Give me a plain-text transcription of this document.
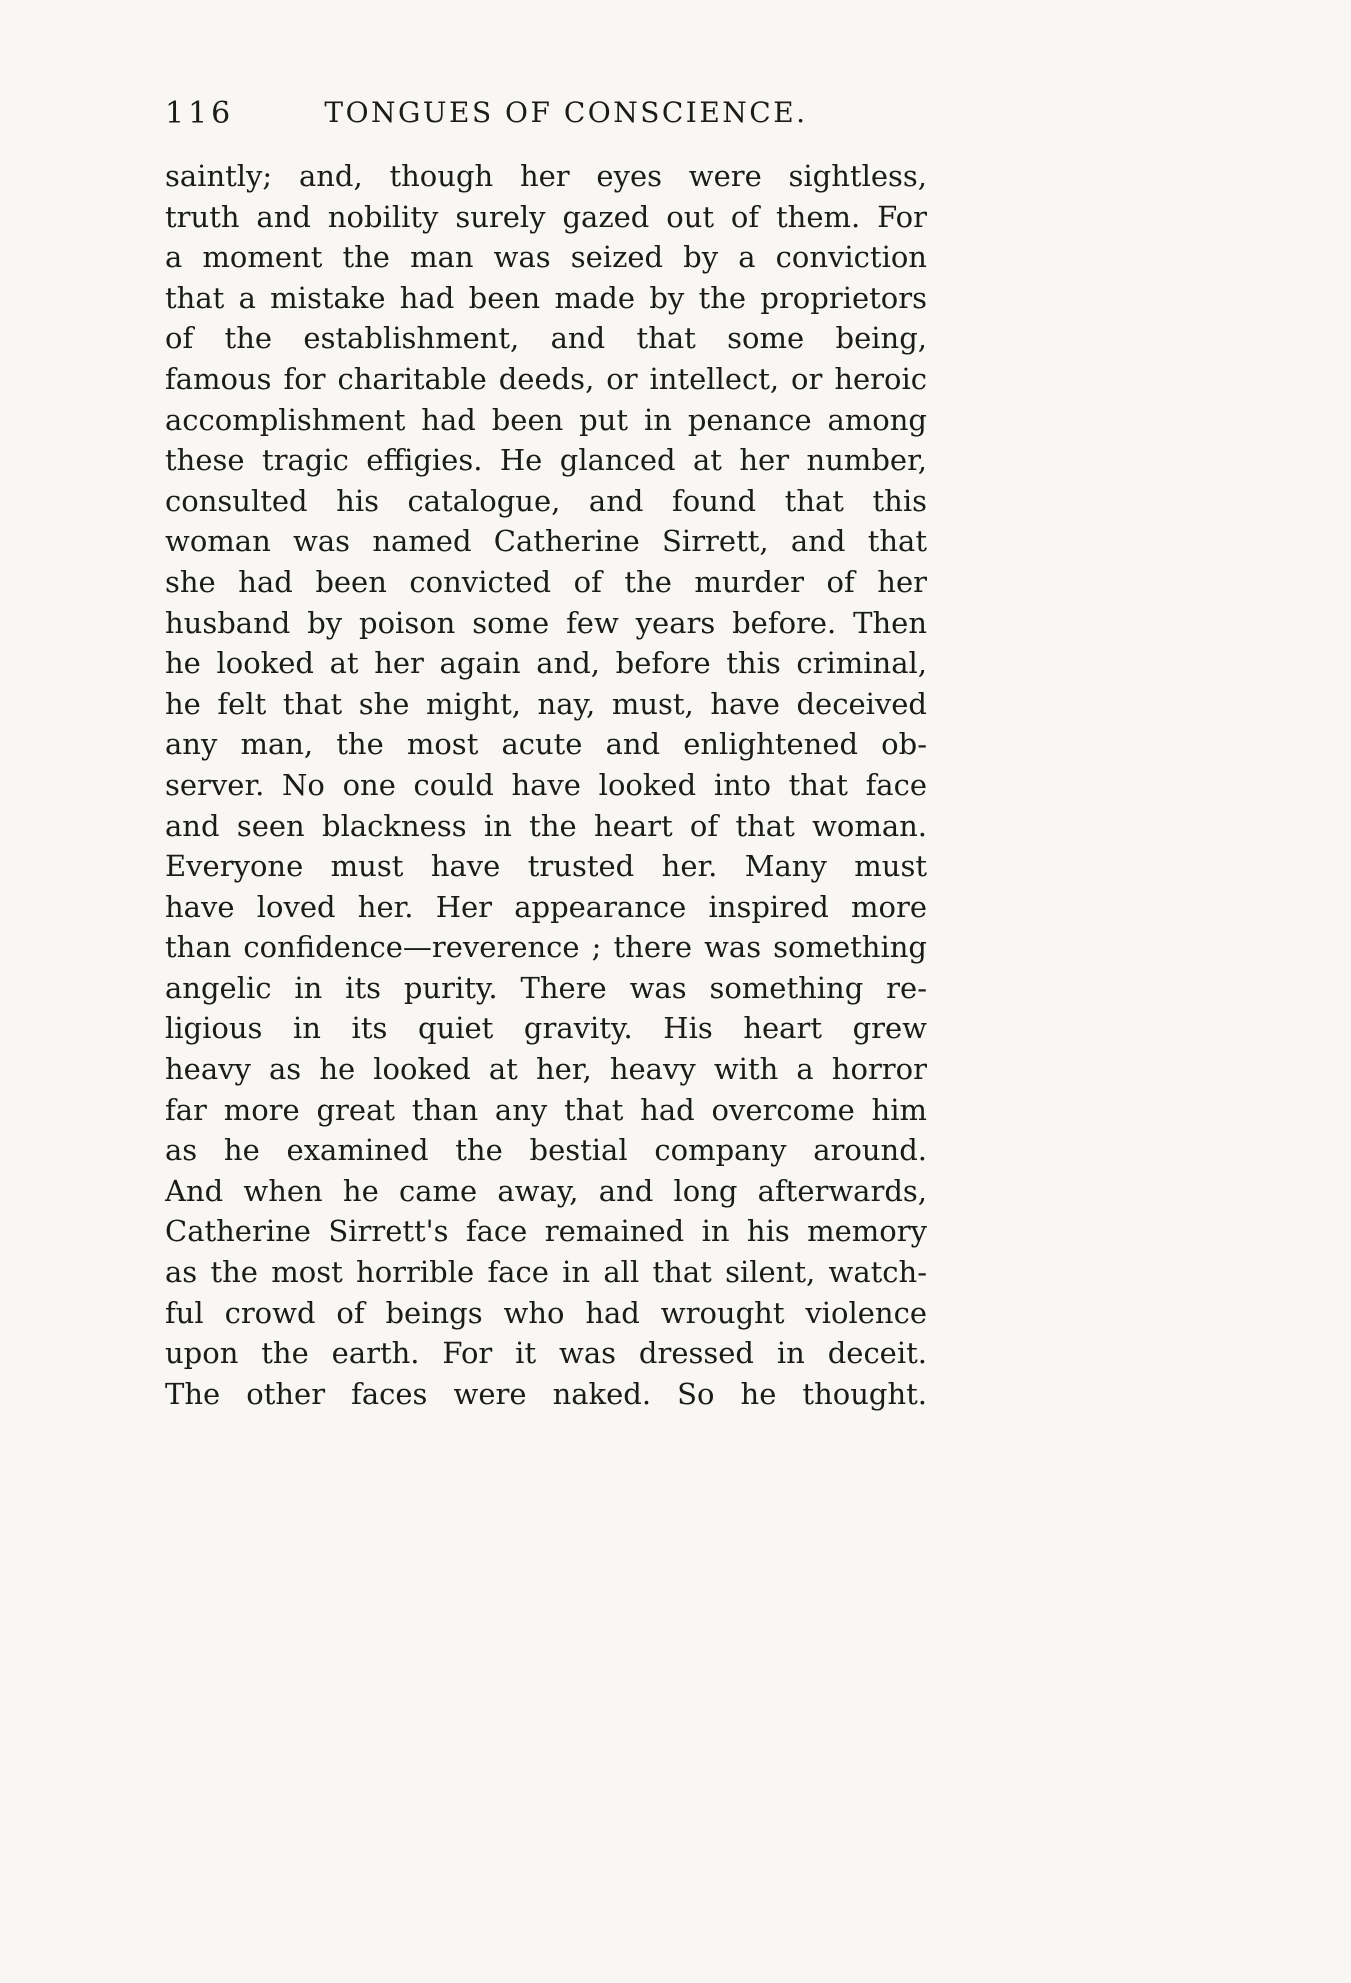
116	TONGUES OF CONSCIENCE.
saintly; and, though her eyes were sightless,
truth and nobility surely gazed out of them. For
a moment the man was seized by a conviction
that a mistake had been made by the proprietors
of the establishment, and that some being,
famous for charitable deeds, or intellect, or heroic
accomplishment had been put in penance among
these tragic effigies. He glanced at her number,
consulted his catalogue, and found that this
woman was named Catherine Sirrett, and that
she had been convicted of the murder of her
husband by poison some few years before. Then
he looked at her again and, before this criminal,
he felt that she might, nay, must, have deceived
any man, the most acute and enlightened ob-
server. No one could have looked into that face
and seen blackness in the heart of that woman.
Everyone must have trusted her. Many must
have loved her. Her appearance inspired more
than confidence—reverence ; there was something
angelic in its purity. There was something re-
ligious in its quiet gravity. His heart grew
heavy as he looked at her, heavy with a horror
far more great than any that had overcome him
as he examined the bestial company around.
And when he came away, and long afterwards,
Catherine Sirrett's face remained in his memory
as the most horrible face in all that silent, watch-
ful crowd of beings who had wrought violence
upon the earth. For it was dressed in deceit.
The other faces were naked. So he thought.
